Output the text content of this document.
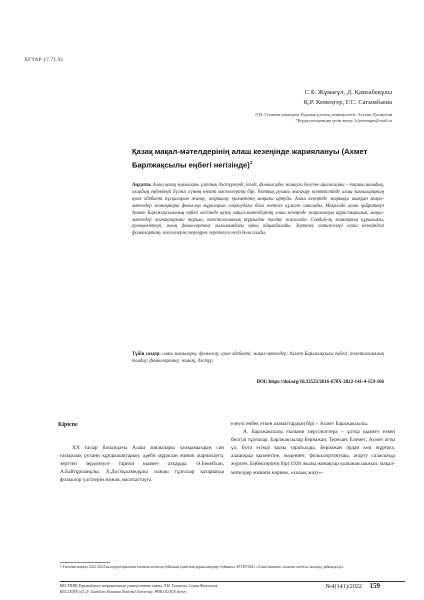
ХҒТАР 17.71.91
С.Б. Жұмағұл, Д. Қамзабекұлы
Қ.Р. Кемеңгер, Г.С. Сағымбаева
Л.Н. Гумилев атындағы Еуразия ұлттық университеті, Астана, Қазақстан
*Корреспонденция үшін автор: k.kemenger@mail.ru
Қазақ мақал-мәтелдерінің алаш кезеңінде жариялануы (Ахмет Барлжақсылы еңбегі негізінде)$^1$
Аңдатпа. Алаш қазақ зиялылары ұлттық дәстүрлерді, тілді, фольклорды жинауға белсене араласқаны – тарихи шындық, олардың еңбектері бүгінгі күннің өзекті мәселелерінің бірі. Ұлттық рухани жаңғыру контекстінде алаш зиялыларының ауыз әдебиеті нұсқаларын жинау, жариялау қызметінің маңызы артуда. Алаш кезеңінде жарыққа шыққан мақал-мәтелдер жинақтары фольклор мұраларын сақтаудағы баға жетпес құжат саналады. Мақалада алаш қайраткері Ахмет Барлжақсылының еңбегі негізінде қазақ мақал-мәтелдерінің алаш кезеңінде жариялануы қарастырылып, мақал-мәтелдер жинақтарына тарихи, текстологиялық тұрғыдан талдау жасалады. Сондай-ақ жинақтың құрылымы, ерекшеліктері, оның фольклортану ғылымындағы орны айқындалады. Зерттеу нәтижелері алаш кезеңіндегі фольклортану мәселелерін тереңірек зерттеуге негіз бола алады.
Түйін сөздер: алаш зиялылары; фольклор; ауыз әдебиеті; мақал-мәтелдер; Ахмет Барлжақсылы еңбегі; текстологиялық талдау; фольклортану; жинақ; дәстүр.
DOI: https://doi.org/10.32523/2616-678X-2022-141-4-159-166
Кіріспе

XX ғасыр басындағы Алаш зиялылары халқымыздың сан ғасырлық рухани құндылықтарын, әдеби мұрасын жинап жариялауға, зерттеп зерделеуге тарихи қызмет атқарды. Ә.Бөкейхан, А.Байтұрсынұлы, Х.Досмұхамедұлы сынды тұлғалар қатарында фольклор үлгілерін жинап, насихаттауға

елеулі еңбек еткен азаматтардың бірі – Ахмет Барлжақсылы.

А. Барлжақсылы ғылыми персонаттера – ұлтқа қызмет еткен белгілі тұлғалар. Барлжақсылар Берімжан, Терехан, Елемес, Ахмет атты ұл, Бота есімді қызы таратылды. Берімжан ордан көп жұрғаға, алашорда қызметіне, мәдениет, фольклортанушы, ағарту саласында жүрген. Еңбектерінің бірі 1928 жылы жинақтар қолынан шығып, мақал-мәтелдер жинағы көркем, «халық жазу»-

1 Ғылыми мақала 2022-2024 жылдарға арналған ғылыми жобалар бойынша гранттық қаржыландыру бойынша AP14870041 «Алаш жинағы» ғылыми жобасы аясында дайындалды.
ВЕСТНИК Евразийского национального университета имени Л.Н. Гумилева. Серия Филология
BULLETIN of L.N. Gumilyov Eurasian National University. PHILOLOGY Series
№4(141)/2022 159
